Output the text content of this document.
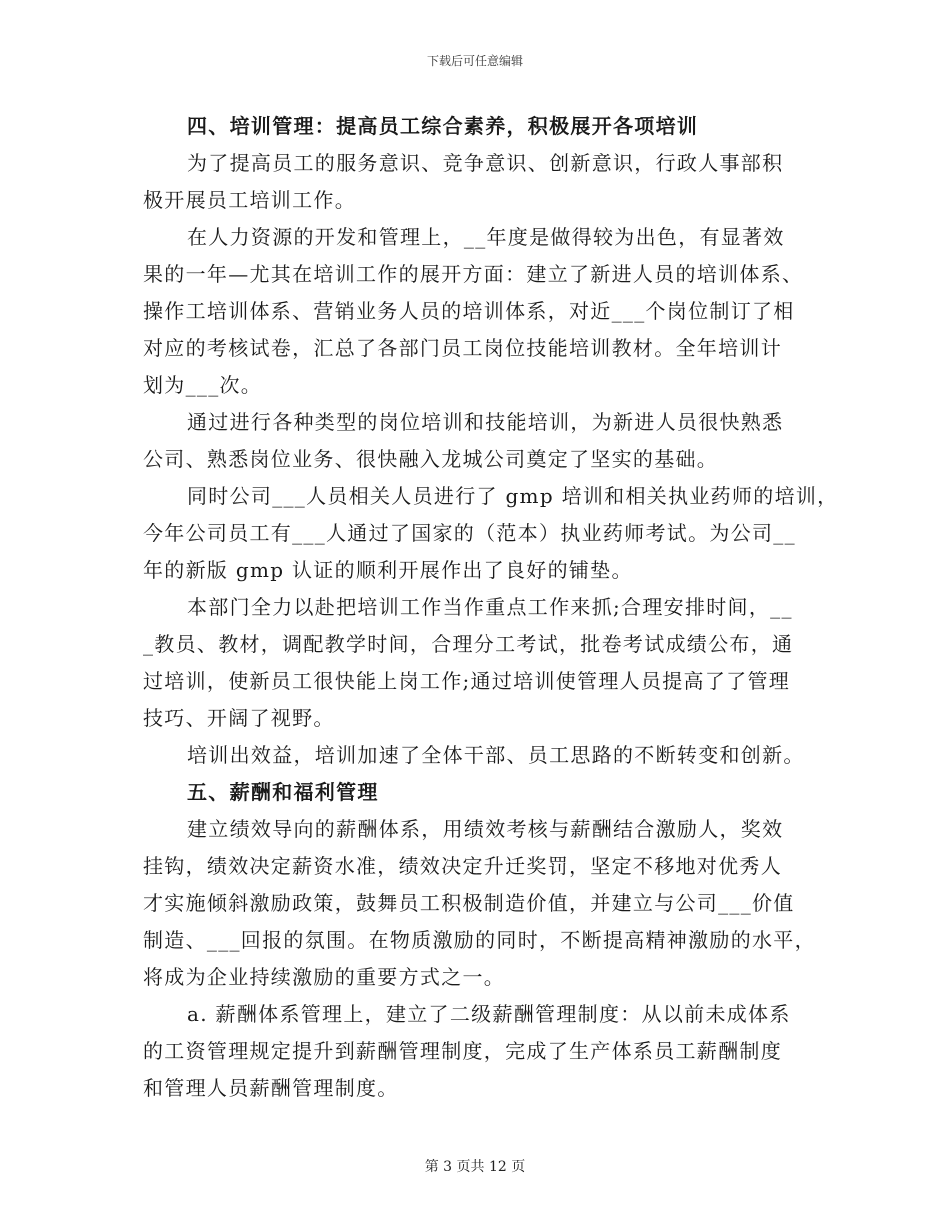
下载后可任意编辑
四、培训管理：提高员工综合素养，积极展开各项培训
为了提高员工的服务意识、竞争意识、创新意识，行政人事部积
极开展员工培训工作。
在人力资源的开发和管理上，__年度是做得较为出色，有显著效
果的一年—尤其在培训工作的展开方面：建立了新进人员的培训体系、
操作工培训体系、营销业务人员的培训体系，对近___个岗位制订了相
对应的考核试卷，汇总了各部门员工岗位技能培训教材。全年培训计
划为___次。
通过进行各种类型的岗位培训和技能培训，为新进人员很快熟悉
公司、熟悉岗位业务、很快融入龙城公司奠定了坚实的基础。
同时公司___人员相关人员进行了 gmp 培训和相关执业药师的培训，
今年公司员工有___人通过了国家的（范本）执业药师考试。为公司__
年的新版 gmp 认证的顺利开展作出了良好的铺垫。
本部门全力以赴把培训工作当作重点工作来抓;合理安排时间，__
_教员、教材，调配教学时间，合理分工考试，批卷考试成绩公布，通
过培训，使新员工很快能上岗工作;通过培训使管理人员提高了了管理
技巧、开阔了视野。
培训出效益，培训加速了全体干部、员工思路的不断转变和创新。
五、薪酬和福利管理
建立绩效导向的薪酬体系，用绩效考核与薪酬结合激励人，奖效
挂钩，绩效决定薪资水准，绩效决定升迁奖罚，坚定不移地对优秀人
才实施倾斜激励政策，鼓舞员工积极制造价值，并建立与公司___价值
制造、___回报的氛围。在物质激励的同时，不断提高精神激励的水平，
将成为企业持续激励的重要方式之一。
a. 薪酬体系管理上，建立了二级薪酬管理制度：从以前未成体系
的工资管理规定提升到薪酬管理制度，完成了生产体系员工薪酬制度
和管理人员薪酬管理制度。
第 3 页共 12 页
